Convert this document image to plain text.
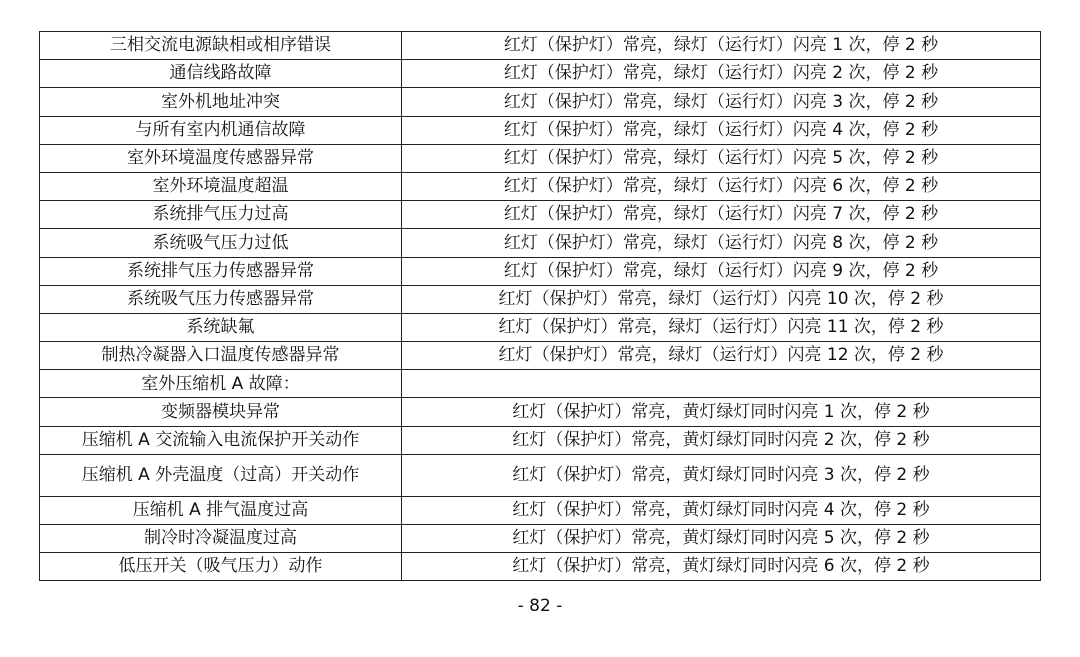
三相交流电源缺相或相序错误	红灯（保护灯）常亮，绿灯（运行灯）闪亮 1 次，停 2 秒
通信线路故障	红灯（保护灯）常亮，绿灯（运行灯）闪亮 2 次，停 2 秒
室外机地址冲突	红灯（保护灯）常亮，绿灯（运行灯）闪亮 3 次，停 2 秒
与所有室内机通信故障	红灯（保护灯）常亮，绿灯（运行灯）闪亮 4 次，停 2 秒
室外环境温度传感器异常	红灯（保护灯）常亮，绿灯（运行灯）闪亮 5 次，停 2 秒
室外环境温度超温	红灯（保护灯）常亮，绿灯（运行灯）闪亮 6 次，停 2 秒
系统排气压力过高	红灯（保护灯）常亮，绿灯（运行灯）闪亮 7 次，停 2 秒
系统吸气压力过低	红灯（保护灯）常亮，绿灯（运行灯）闪亮 8 次，停 2 秒
系统排气压力传感器异常	红灯（保护灯）常亮，绿灯（运行灯）闪亮 9 次，停 2 秒
系统吸气压力传感器异常	红灯（保护灯）常亮，绿灯（运行灯）闪亮 10 次，停 2 秒
系统缺氟	红灯（保护灯）常亮，绿灯（运行灯）闪亮 11 次，停 2 秒
制热冷凝器入口温度传感器异常	红灯（保护灯）常亮，绿灯（运行灯）闪亮 12 次，停 2 秒
室外压缩机 A 故障：	
变频器模块异常	红灯（保护灯）常亮，黄灯绿灯同时闪亮 1 次，停 2 秒
压缩机 A 交流输入电流保护开关动作	红灯（保护灯）常亮，黄灯绿灯同时闪亮 2 次，停 2 秒
压缩机 A 外壳温度（过高）开关动作	红灯（保护灯）常亮，黄灯绿灯同时闪亮 3 次，停 2 秒
压缩机 A 排气温度过高	红灯（保护灯）常亮，黄灯绿灯同时闪亮 4 次，停 2 秒
制冷时冷凝温度过高	红灯（保护灯）常亮，黄灯绿灯同时闪亮 5 次，停 2 秒
低压开关（吸气压力）动作	红灯（保护灯）常亮，黄灯绿灯同时闪亮 6 次，停 2 秒
- 82 -
